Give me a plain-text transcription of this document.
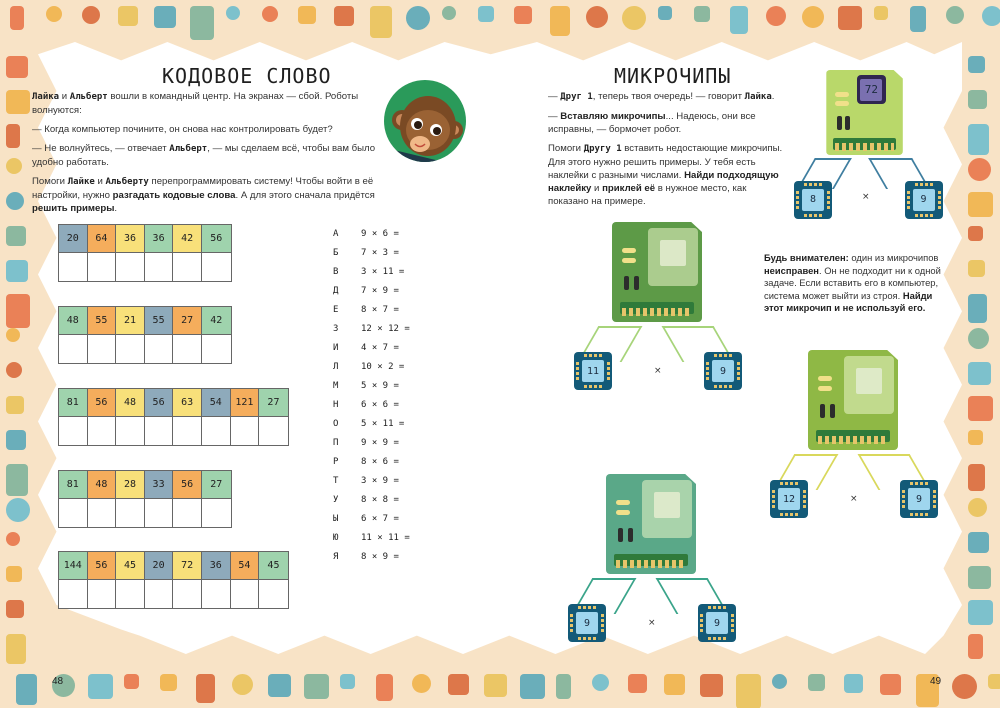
КОДОВОЕ СЛОВО

Лайка и Альберт вошли в командный центр. На экранах — сбой. Роботы волнуются:

— Когда компьютер почините, он снова нас контролировать будет?

— Не волнуйтесь, — отвечает Альберт, — мы сделаем всё, чтобы вам было удобно работать.

Помоги Лайке и Альберту перепрограммировать систему! Чтобы войти в её настройки, нужно разгадать кодовые слова. А для этого сначала придётся решить примеры.

20	64	36	36	42	56
48	55	21	55	27	42
81	56	48	56	63	54	121	27
81	48	28	33	56	27
144	56	45	20	72	36	54	45
А	9 × 6 =
Б	7 × 3 =
В	3 × 11 =
Д	7 × 9 =
Е	8 × 7 =
З	12 × 12 =
И	4 × 7 =
Л	10 × 2 =
М	5 × 9 =
Н	6 × 6 =
О	5 × 11 =
П	9 × 9 =
Р	8 × 6 =
Т	3 × 9 =
У	8 × 8 =
Ы	6 × 7 =
Ю	11 × 11 =
Я	8 × 9 =
48
МИКРОЧИПЫ

— Друг 1, теперь твоя очередь! — говорит Лайка.

— Вставляю микрочипы... Надеюсь, они все исправны, — бормочет робот.

Помоги Другу 1 вставить недостающие микрочипы. Для этого нужно решить примеры. У тебя есть наклейки с разными числами. Найди подходящую наклейку и приклей её в нужное место, как показано на примере.

Будь внимателен: один из микрочипов неисправен. Он не подходит ни к одной задаче. Если вставить его в компьютер, система может выйти из строя. Найди этот микрочип и не используй его.
72
8	×	9
11	×	9
12	×	9
9	×	9
49
